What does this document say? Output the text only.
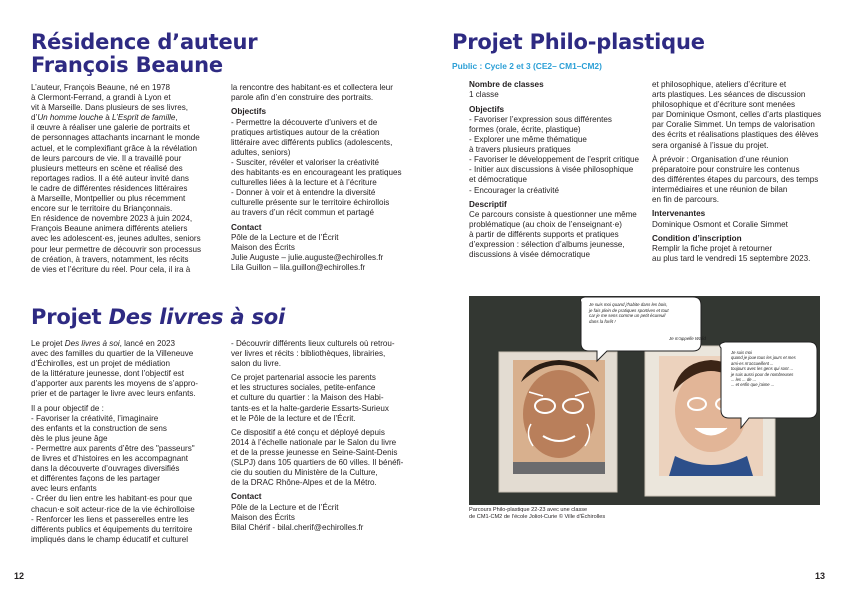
Résidence d’auteur
François Beaune
L’auteur, François Beaune, né en 1978
à Clermont-Ferrand, a grandi à Lyon et
vit à Marseille. Dans plusieurs de ses livres,
d’Un homme louche à L’Esprit de famille,
il œuvre à réaliser une galerie de portraits et
de personnages attachants incarnant le monde
actuel, et le complexifiant grâce à la révélation
de leurs parcours de vie. Il a travaillé pour
plusieurs metteurs en scène et réalisé des
reportages radios. Il a été auteur invité dans
le cadre de différentes résidences littéraires
à Marseille, Montpellier ou plus récemment
encore sur le territoire du Briançonnais.
En résidence de novembre 2023 à juin 2024,
François Beaune animera différents ateliers
avec les adolescent·es, jeunes adultes, seniors
pour leur permettre de découvrir son processus
de création, à travers, notamment, les récits
de vies et l’écriture du réel. Pour cela, il ira à
la rencontre des habitant·es et collectera leur
parole afin d’en construire des portraits.
Objectifs
- Permettre la découverte d’univers et de
pratiques artistiques autour de la création
littéraire avec différents publics (adolescents,
adultes, seniors)
- Susciter, révéler et valoriser la créativité
des habitants·es en encourageant les pratiques
culturelles liées à la lecture et à l’écriture
- Donner à voir et à entendre la diversité
culturelle présente sur le territoire échirollois
au travers d’un récit commun et partagé
Contact
Pôle de la Lecture et de l’Écrit
Maison des Écrits
Julie Auguste – julie.auguste@echirolles.fr
Lila Guillon – lila.guillon@echirolles.fr
Projet Des livres à soi
Le projet Des livres à soi, lancé en 2023
avec des familles du quartier de la Villeneuve
d’Échirolles, est un projet de médiation
de la littérature jeunesse, dont l’objectif est
d’apporter aux parents les moyens de s’appro-
prier et de partager le livre avec leurs enfants.
Il a pour objectif de :
- Favoriser la créativité, l’imaginaire
des enfants et la construction de sens
dès le plus jeune âge
- Permettre aux parents d’être des "passeurs"
de livres et d’histoires en les accompagnant
dans la découverte d’ouvrages diversifiés
et différentes façons de les partager
avec leurs enfants
- Créer du lien entre les habitant·es pour que
chacun·e soit acteur·rice de la vie échirolloise
- Renforcer les liens et passerelles entre les
différents publics et équipements du territoire
impliqués dans le champ éducatif et culturel
- Découvrir différents lieux culturels où retrou-
ver livres et récits : bibliothèques, librairies,
salon du livre.
Ce projet partenarial associe les parents
et les structures sociales, petite-enfance
et culture du quartier : la Maison des Habi-
tants·es et la halte-garderie Essarts-Surieux
et le Pôle de la lecture et de l’Écrit.
Ce dispositif a été conçu et déployé depuis
2014 à l’échelle nationale par le Salon du livre
et de la presse jeunesse en Seine-Saint-Denis
(SLPJ) dans 105 quartiers de 60 villes. Il bénéfi-
cie du soutien du Ministère de la Culture,
de la DRAC Rhône-Alpes et de la Métro.
Contact
Pôle de la Lecture et de l’Écrit
Maison des Écrits
Bilal Chérif - bilal.cherif@echirolles.fr
12
Projet Philo-plastique
Public : Cycle 2 et 3 (CE2– CM1–CM2)
Nombre de classes
1 classe
Objectifs
- Favoriser l’expression sous différentes
formes (orale, écrite, plastique)
- Explorer une même thématique
à travers plusieurs pratiques
- Favoriser le développement de l’esprit critique
- Initier aux discussions à visée philosophique
et démocratique
- Encourager la créativité
Descriptif
Ce parcours consiste à questionner une même
problématique (au choix de l’enseignant·e)
à partir de différents supports et pratiques
d’expression : sélection d’albums jeunesse,
discussions à visée démocratique
et philosophique, ateliers d’écriture et
arts plastiques. Les séances de discussion
philosophique et d’écriture sont menées
par Dominique Osmont, celles d’arts plastiques
par Coralie Simmet. Un temps de valorisation
des écrits et réalisations plastiques des élèves
sera organisé à l’issue du projet.
À prévoir : Organisation d’une réunion
préparatoire pour construire les contenus
des différentes étapes du parcours, des temps
intermédiaires et une réunion de bilan
en fin de parcours.
Intervenantes
Dominique Osmont et Coralie Simmet
Condition d’inscription
Remplir la fiche projet à retourner
au plus tard le vendredi 15 septembre 2023.
Je suis moi quand j’habite dans les bois,
je fais plein de pratiques sportives et tout
car je me sens comme un petit écureuil
dans la forêt !
Je m’appelle Walid
Je suis moi
quand je joue tous les jours et mes
ami·es m’accueillent ...
toujours avec les gens qui sont ...
je suis aussi pour de nombreuses
... les ... de ...
... et enfin que j’aime ...
Parcours Philo-plastique 22-23 avec une classe
de CM1-CM2 de l’école Joliot-Curie © Ville d’Échirolles
13
